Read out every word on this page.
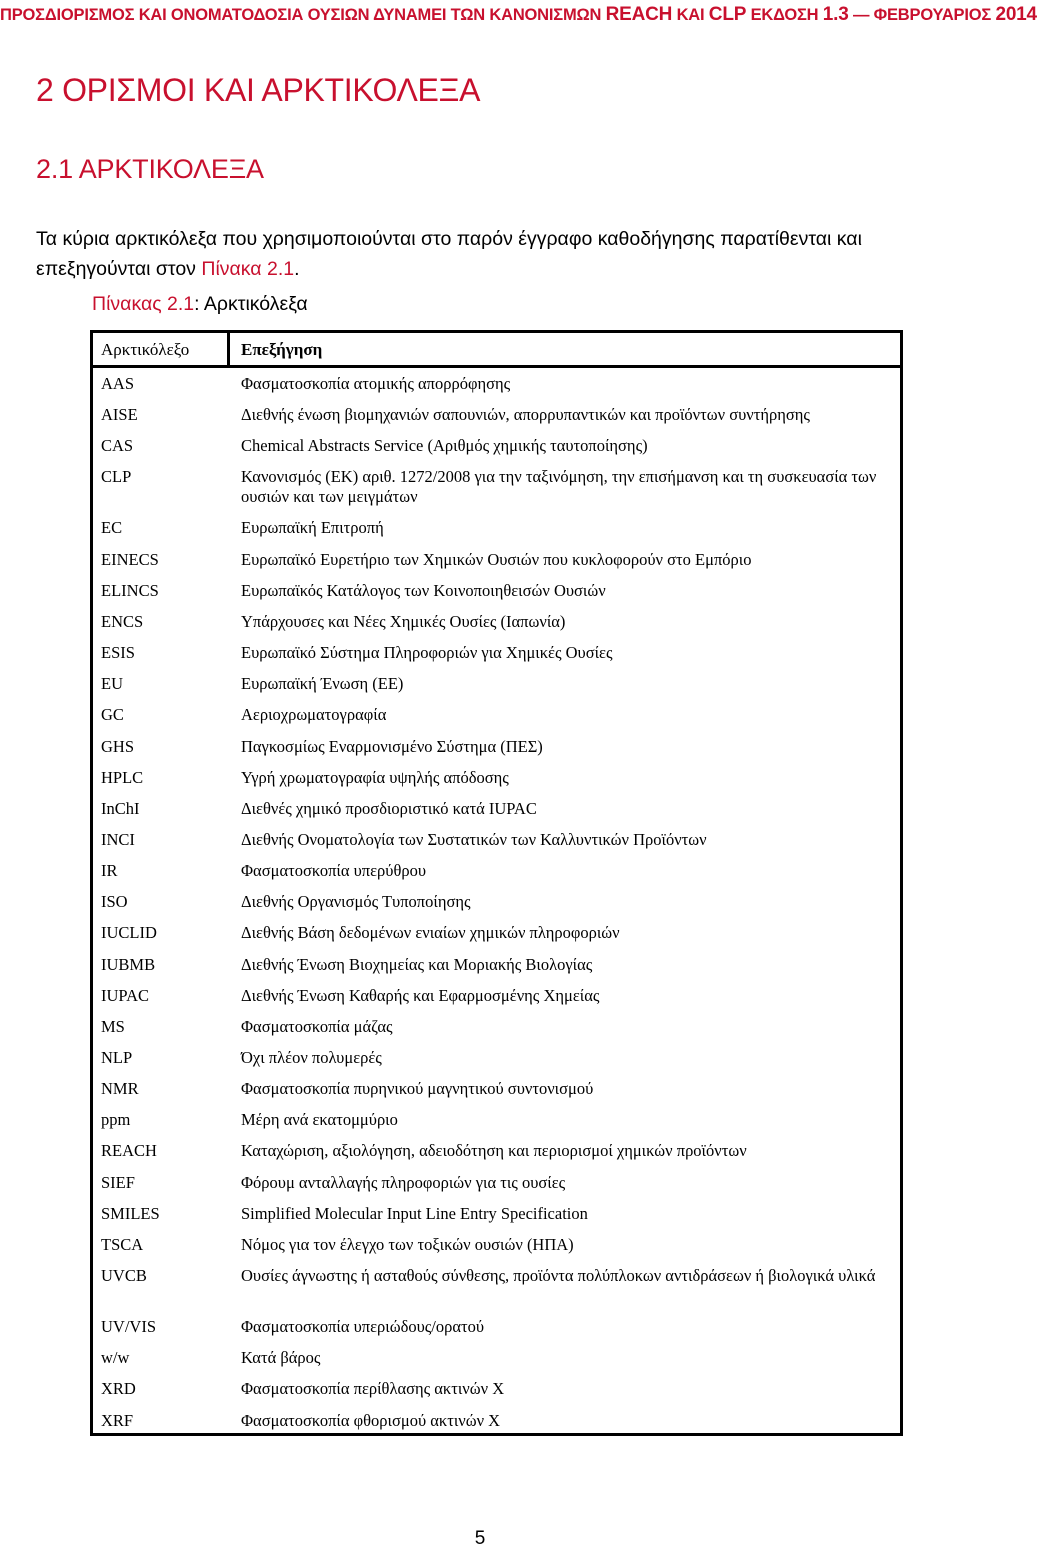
ΠΡΟΣΔΙΟΡΙΣΜΟΣ ΚΑΙ ΟΝΟΜΑΤΟΔΟΣΙΑ ΟΥΣΙΩΝ ΔΥΝΑΜΕΙ ΤΩΝ ΚΑΝΟΝΙΣΜΩΝ REACH ΚΑΙ CLP ΕΚΔΟΣΗ 1.3 — ΦΕΒΡΟΥΑΡΙΟΣ 2014
2 ΟΡΙΣΜΟΙ ΚΑΙ ΑΡΚΤΙΚΟΛΕΞΑ
2.1 ΑΡΚΤΙΚΟΛΕΞΑ

Τα κύρια αρκτικόλεξα που χρησιμοποιούνται στο παρόν έγγραφο καθοδήγησης παρατίθενται και επεξηγούνται στον Πίνακα 2.1.

Πίνακας 2.1: Αρκτικόλεξα

Αρκτικόλεξο	Επεξήγηση
AAS	Φασματοσκοπία ατομικής απορρόφησης
AISE	Διεθνής ένωση βιομηχανιών σαπουνιών, απορρυπαντικών και προϊόντων συντήρησης
CAS	Chemical Abstracts Service (Αριθμός χημικής ταυτοποίησης)
CLP	Κανονισμός (ΕΚ) αριθ. 1272/2008 για την ταξινόμηση, την επισήμανση και τη συσκευασία των ουσιών και των μειγμάτων
EC	Ευρωπαϊκή Επιτροπή
EINECS	Ευρωπαϊκό Ευρετήριο των Χημικών Ουσιών που κυκλοφορούν στο Εμπόριο
ELINCS	Ευρωπαϊκός Κατάλογος των Κοινοποιηθεισών Ουσιών
ENCS	Υπάρχουσες και Νέες Χημικές Ουσίες (Ιαπωνία)
ESIS	Ευρωπαϊκό Σύστημα Πληροφοριών για Χημικές Ουσίες
EU	Ευρωπαϊκή Ένωση (ΕΕ)
GC	Αεριοχρωματογραφία
GHS	Παγκοσμίως Εναρμονισμένο Σύστημα (ΠΕΣ)
HPLC	Υγρή χρωματογραφία υψηλής απόδοσης
InChI	Διεθνές χημικό προσδιοριστικό κατά IUPAC
INCI	Διεθνής Ονοματολογία των Συστατικών των Καλλυντικών Προϊόντων
IR	Φασματοσκοπία υπερύθρου
ISO	Διεθνής Οργανισμός Τυποποίησης
IUCLID	Διεθνής Βάση δεδομένων ενιαίων χημικών πληροφοριών
IUBMB	Διεθνής Ένωση Βιοχημείας και Μοριακής Βιολογίας
IUPAC	Διεθνής Ένωση Καθαρής και Εφαρμοσμένης Χημείας
MS	Φασματοσκοπία μάζας
NLP	Όχι πλέον πολυμερές
NMR	Φασματοσκοπία πυρηνικού μαγνητικού συντονισμού
ppm	Μέρη ανά εκατομμύριο
REACH	Καταχώριση, αξιολόγηση, αδειοδότηση και περιορισμοί χημικών προϊόντων
SIEF	Φόρουμ ανταλλαγής πληροφοριών για τις ουσίες
SMILES	Simplified Molecular Input Line Entry Specification
TSCA	Νόμος για τον έλεγχο των τοξικών ουσιών (ΗΠΑ)
UVCB	Ουσίες άγνωστης ή ασταθούς σύνθεσης, προϊόντα πολύπλοκων αντιδράσεων ή βιολογικά υλικά
UV/VIS	Φασματοσκοπία υπεριώδους/ορατού
w/w	Κατά βάρος
XRD	Φασματοσκοπία περίθλασης ακτινών Χ
XRF	Φασματοσκοπία φθορισμού ακτινών Χ
5
